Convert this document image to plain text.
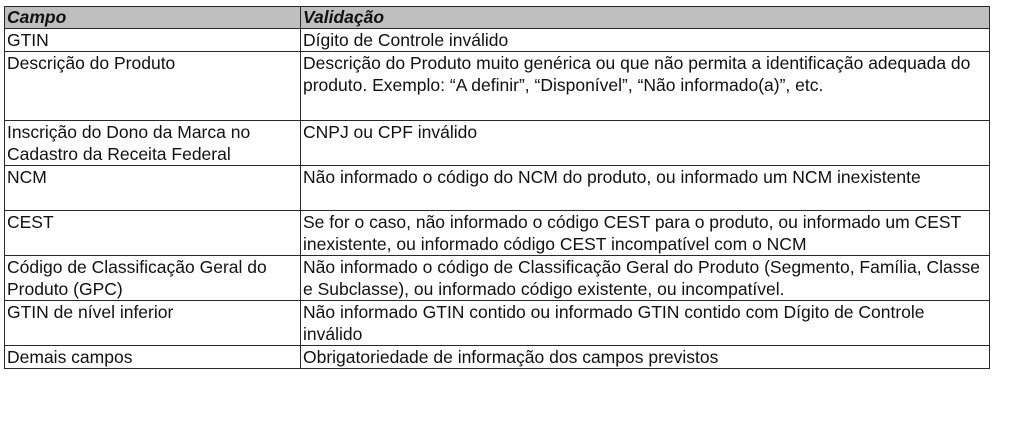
Campo	Validação
GTIN	Dígito de Controle inválido
Descrição do Produto	Descrição do Produto muito genérica ou que não permita a identificação adequada do produto. Exemplo: “A definir”, “Disponível”, “Não informado(a)”, etc.
Inscrição do Dono da Marca no Cadastro da Receita Federal	CNPJ ou CPF inválido
NCM	Não informado o código do NCM do produto, ou informado um NCM inexistente
CEST	Se for o caso, não informado o código CEST para o produto, ou informado um CEST inexistente, ou informado código CEST incompatível com o NCM
Código de Classificação Geral do Produto (GPC)	Não informado o código de Classificação Geral do Produto (Segmento, Família, Classe e Subclasse), ou informado código existente, ou incompatível.
GTIN de nível inferior	Não informado GTIN contido ou informado GTIN contido com Dígito de Controle inválido
Demais campos	Obrigatoriedade de informação dos campos previstos
